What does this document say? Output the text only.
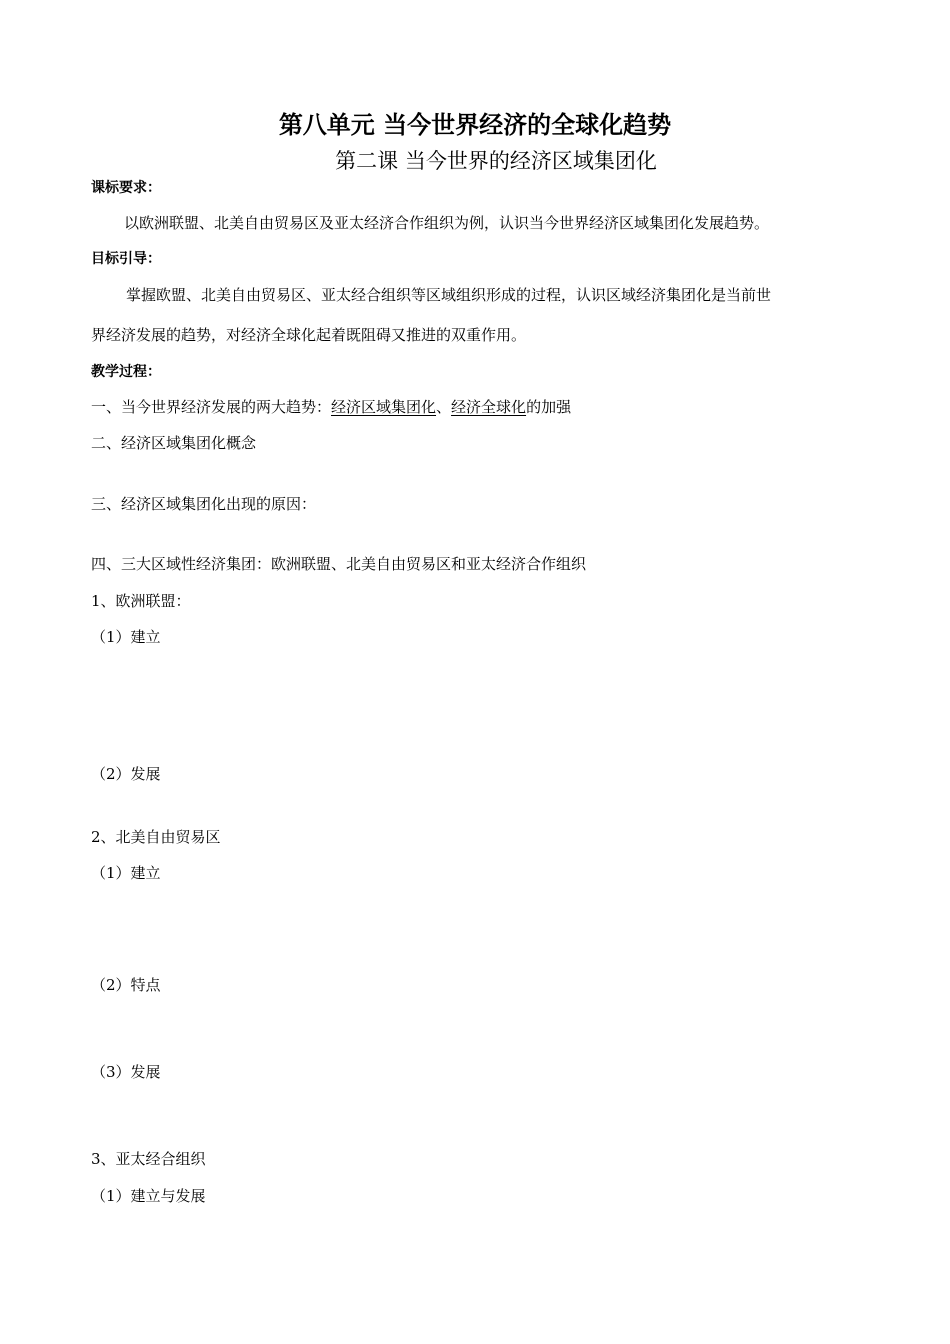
第八单元 当今世界经济的全球化趋势
第二课 当今世界的经济区域集团化
课标要求：
以欧洲联盟、北美自由贸易区及亚太经济合作组织为例，认识当今世界经济区域集团化发展趋势。
目标引导：
掌握欧盟、北美自由贸易区、亚太经合组织等区域组织形成的过程，认识区域经济集团化是当前世
界经济发展的趋势，对经济全球化起着既阻碍又推进的双重作用。
教学过程：
一、当今世界经济发展的两大趋势：经济区域集团化、经济全球化的加强
二、经济区域集团化概念
三、经济区域集团化出现的原因：
四、三大区域性经济集团：欧洲联盟、北美自由贸易区和亚太经济合作组织
1、欧洲联盟：
（1）建立
（2）发展
2、北美自由贸易区
（1）建立
（2）特点
（3）发展
3、亚太经合组织
（1）建立与发展
